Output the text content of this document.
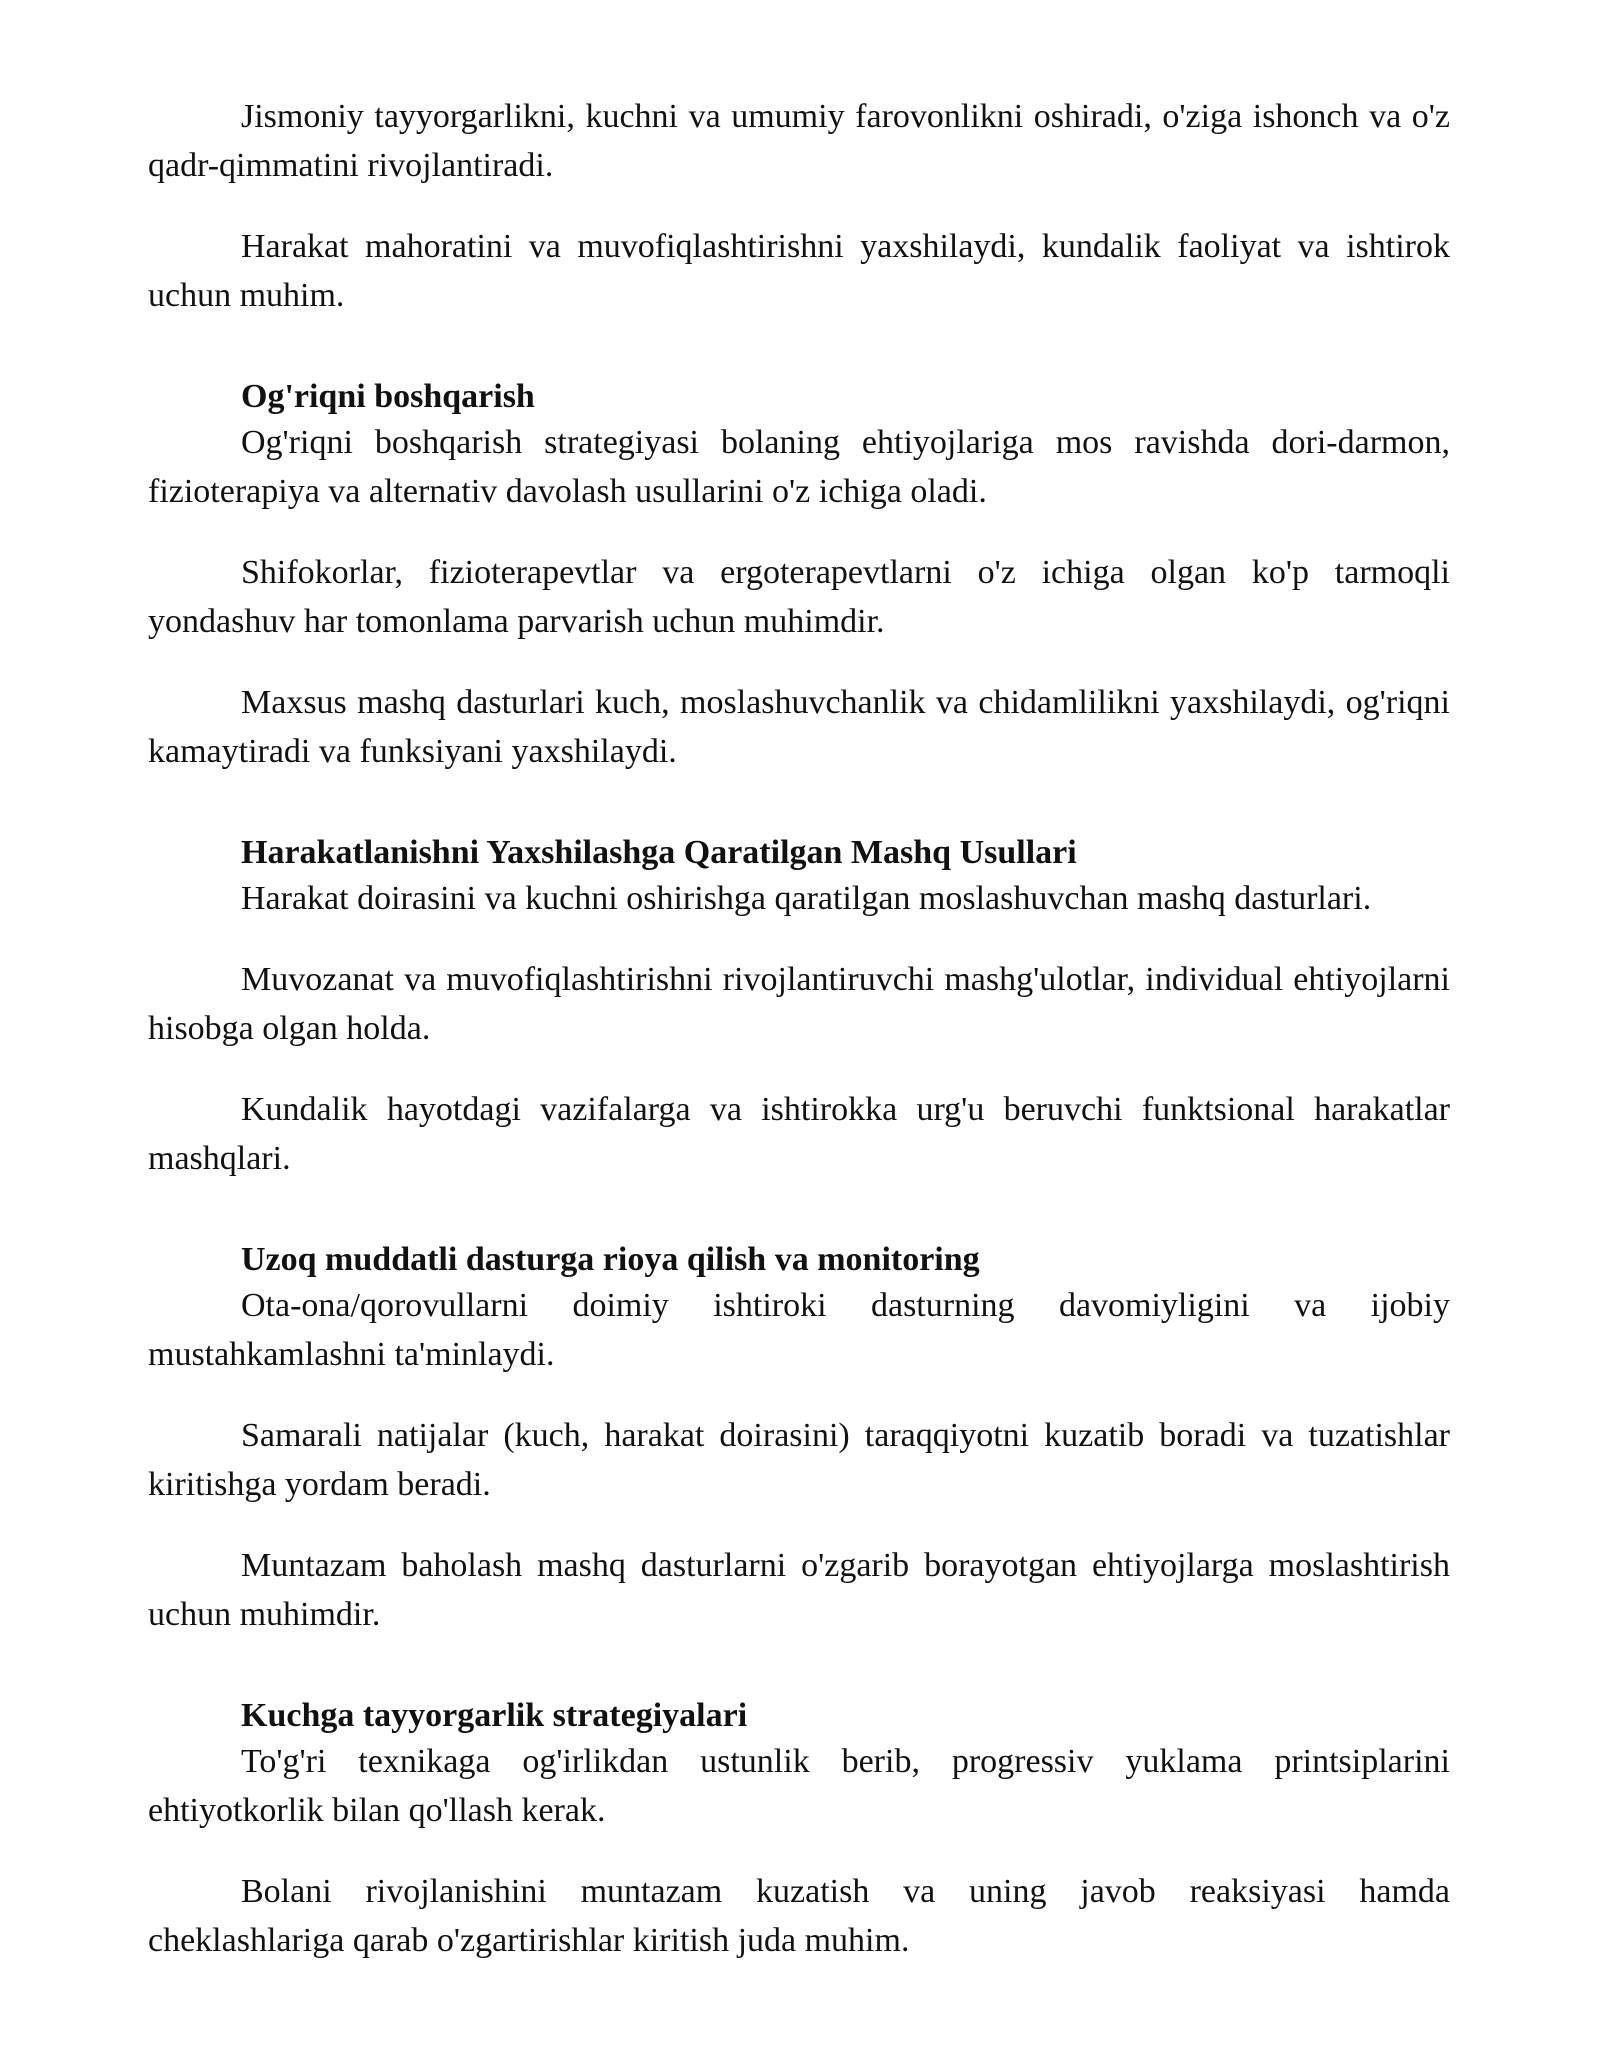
Jismoniy tayyorgarlikni, kuchni va umumiy farovonlikni oshiradi, o'ziga ishonch va o'z qadr-qimmatini rivojlantiradi.

Harakat mahoratini va muvofiqlashtirishni yaxshilaydi, kundalik faoliyat va ishtirok uchun muhim.

Og'riqni boshqarish

Og'riqni boshqarish strategiyasi bolaning ehtiyojlariga mos ravishda dori-darmon, fizioterapiya va alternativ davolash usullarini o'z ichiga oladi.

Shifokorlar, fizioterapevtlar va ergoterapevtlarni o'z ichiga olgan ko'p tarmoqli yondashuv har tomonlama parvarish uchun muhimdir.

Maxsus mashq dasturlari kuch, moslashuvchanlik va chidamlilikni yaxshilaydi, og'riqni kamaytiradi va funksiyani yaxshilaydi.

Harakatlanishni Yaxshilashga Qaratilgan Mashq Usullari

Harakat doirasini va kuchni oshirishga qaratilgan moslashuvchan mashq dasturlari.

Muvozanat va muvofiqlashtirishni rivojlantiruvchi mashg'ulotlar, individual ehtiyojlarni hisobga olgan holda.

Kundalik hayotdagi vazifalarga va ishtirokka urg'u beruvchi funktsional harakatlar mashqlari.

Uzoq muddatli dasturga rioya qilish va monitoring

Ota-ona/qorovullarni doimiy ishtiroki dasturning davomiyligini va ijobiy mustahkamlashni ta'minlaydi.

Samarali natijalar (kuch, harakat doirasini) taraqqiyotni kuzatib boradi va tuzatishlar kiritishga yordam beradi.

Muntazam baholash mashq dasturlarni o'zgarib borayotgan ehtiyojlarga moslashtirish uchun muhimdir.

Kuchga tayyorgarlik strategiyalari

To'g'ri texnikaga og'irlikdan ustunlik berib, progressiv yuklama printsiplarini ehtiyotkorlik bilan qo'llash kerak.

Bolani rivojlanishini muntazam kuzatish va uning javob reaksiyasi hamda cheklashlariga qarab o'zgartirishlar kiritish juda muhim.
